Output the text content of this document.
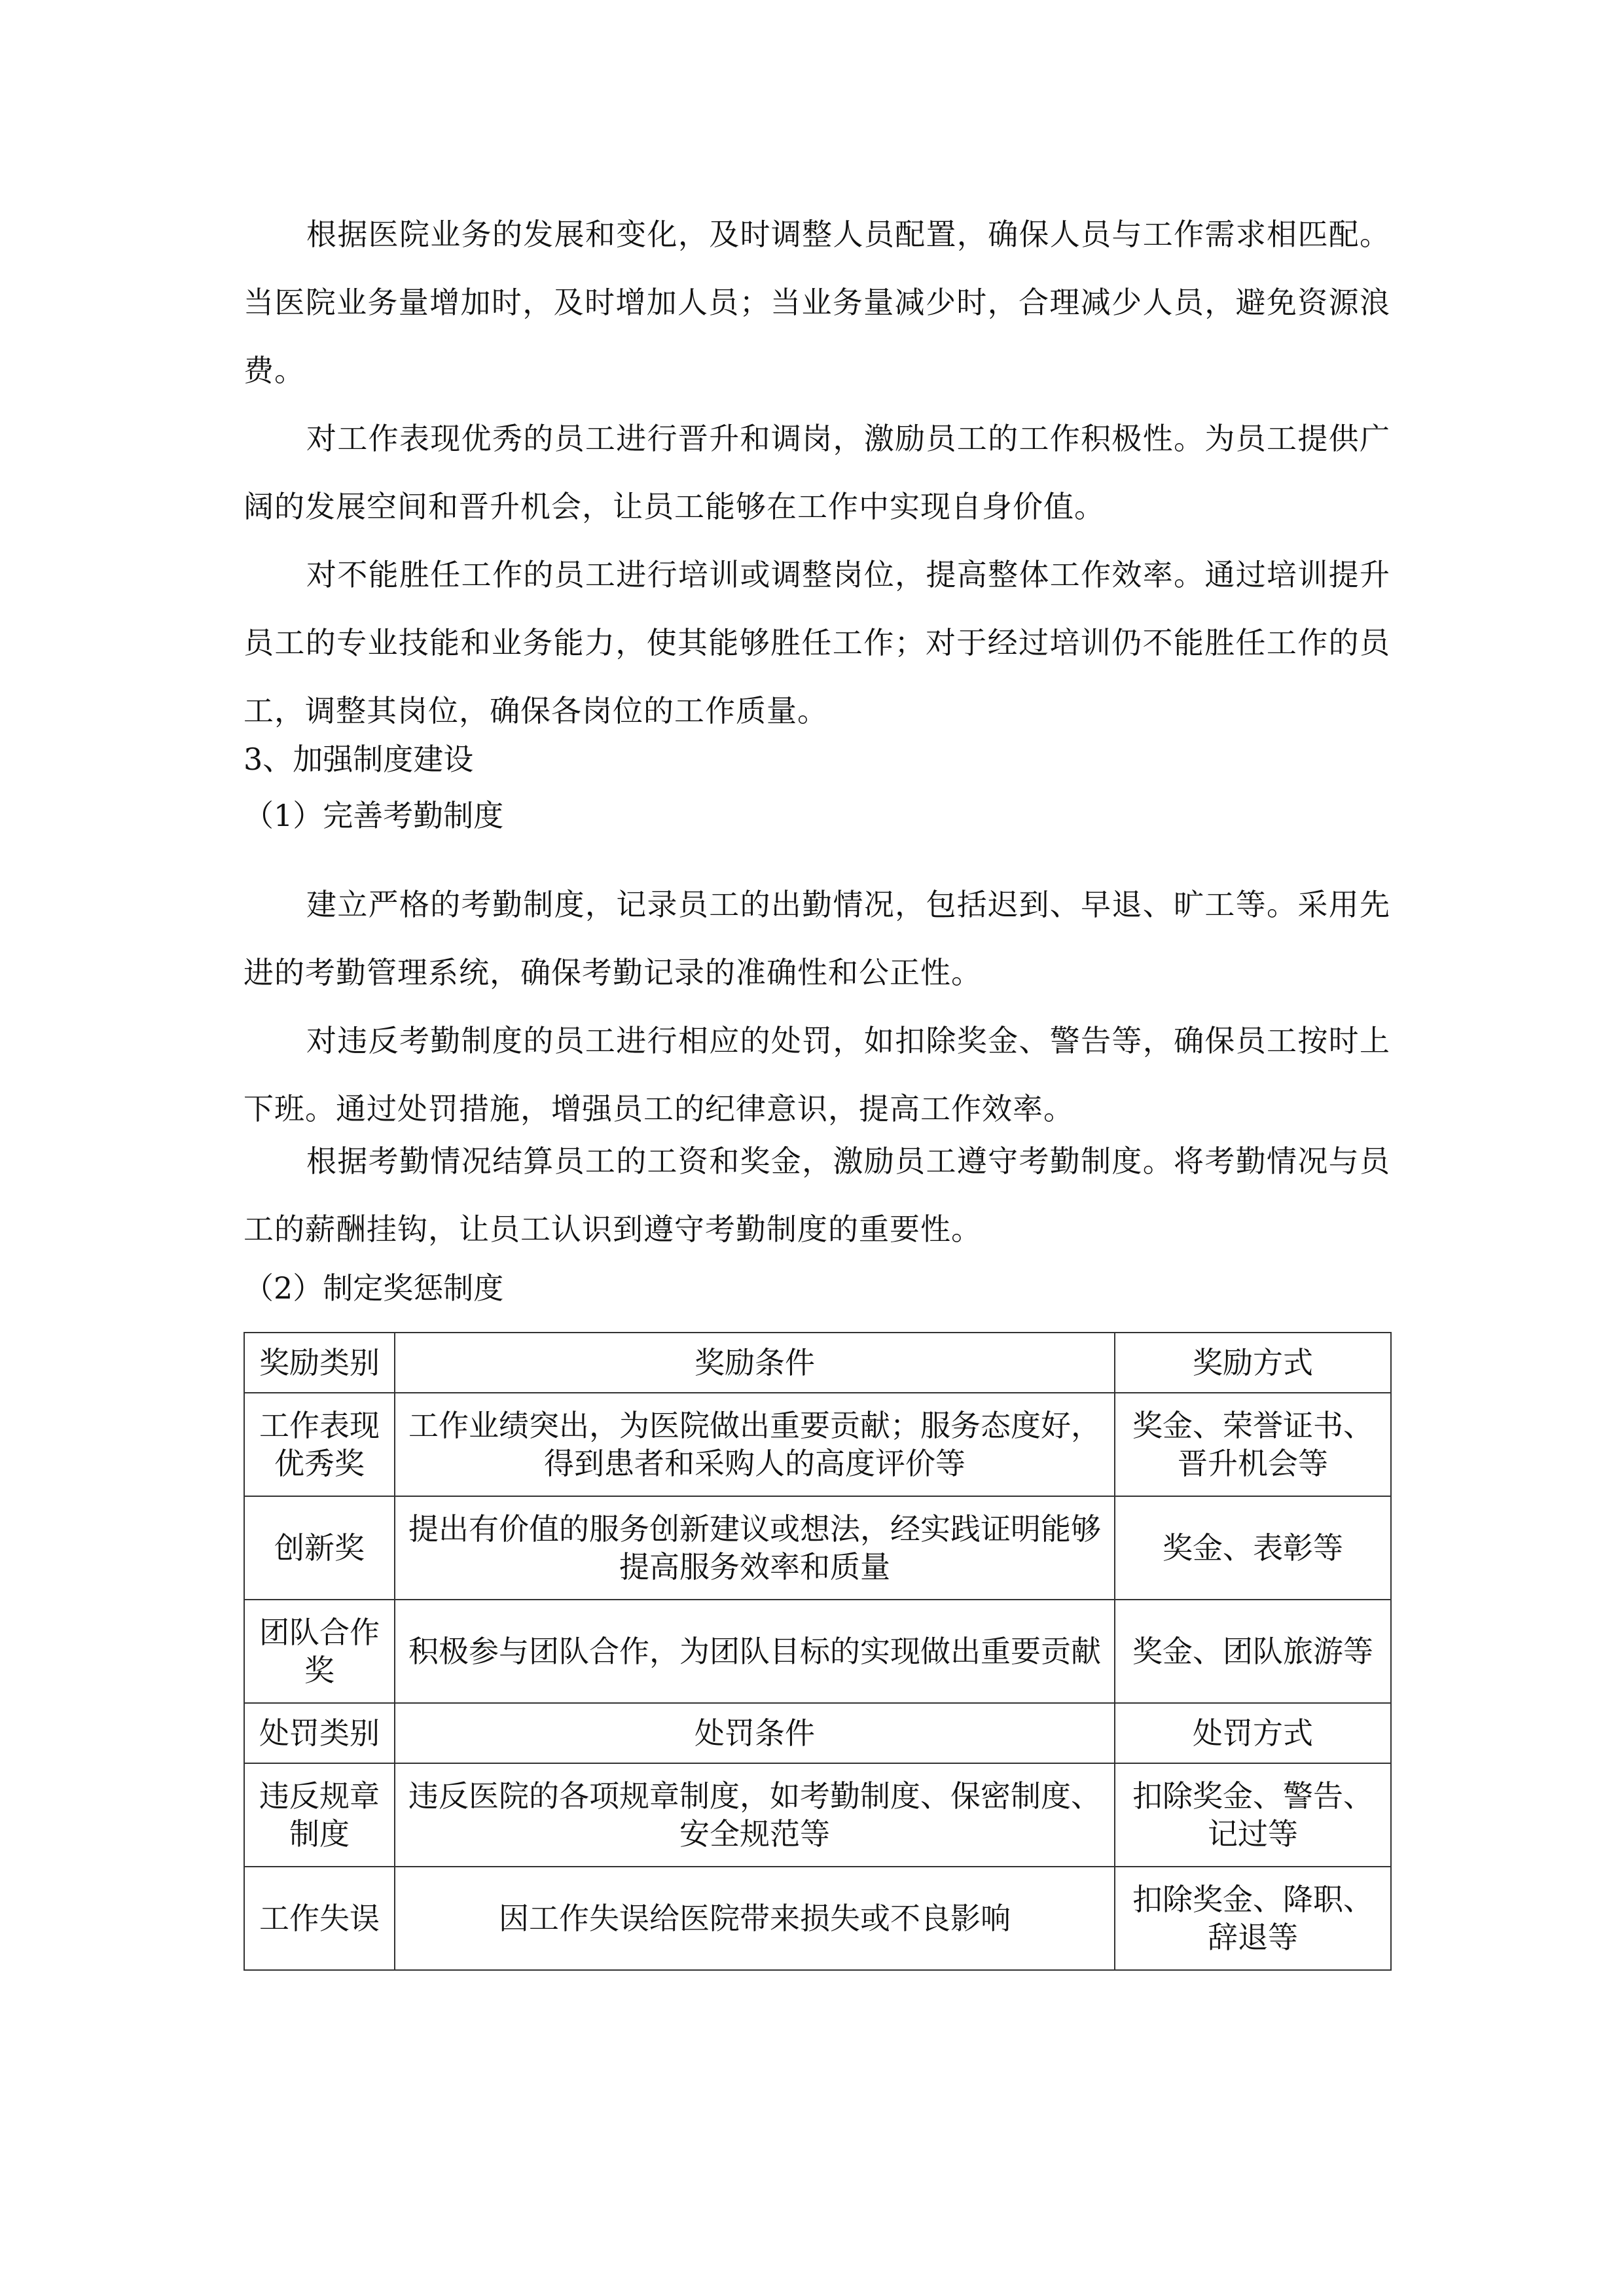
根据医院业务的发展和变化，及时调整人员配置，确保人员与工作需求相匹配。当医院业务量增加时，及时增加人员；当业务量减少时，合理减少人员，避免资源浪费。

对工作表现优秀的员工进行晋升和调岗，激励员工的工作积极性。为员工提供广阔的发展空间和晋升机会，让员工能够在工作中实现自身价值。

对不能胜任工作的员工进行培训或调整岗位，提高整体工作效率。通过培训提升员工的专业技能和业务能力，使其能够胜任工作；对于经过培训仍不能胜任工作的员工，调整其岗位，确保各岗位的工作质量。

3、加强制度建设

（1）完善考勤制度

建立严格的考勤制度，记录员工的出勤情况，包括迟到、早退、旷工等。采用先进的考勤管理系统，确保考勤记录的准确性和公正性。

对违反考勤制度的员工进行相应的处罚，如扣除奖金、警告等，确保员工按时上下班。通过处罚措施，增强员工的纪律意识，提高工作效率。

根据考勤情况结算员工的工资和奖金，激励员工遵守考勤制度。将考勤情况与员工的薪酬挂钩，让员工认识到遵守考勤制度的重要性。

（2）制定奖惩制度

奖励类别	奖励条件	奖励方式
工作表现优秀奖	工作业绩突出，为医院做出重要贡献；服务态度好，得到患者和采购人的高度评价等	奖金、荣誉证书、晋升机会等
创新奖	提出有价值的服务创新建议或想法，经实践证明能够提高服务效率和质量	奖金、表彰等
团队合作奖	积极参与团队合作，为团队目标的实现做出重要贡献	奖金、团队旅游等
处罚类别	处罚条件	处罚方式
违反规章制度	违反医院的各项规章制度，如考勤制度、保密制度、安全规范等	扣除奖金、警告、记过等
工作失误	因工作失误给医院带来损失或不良影响	扣除奖金、降职、辞退等
